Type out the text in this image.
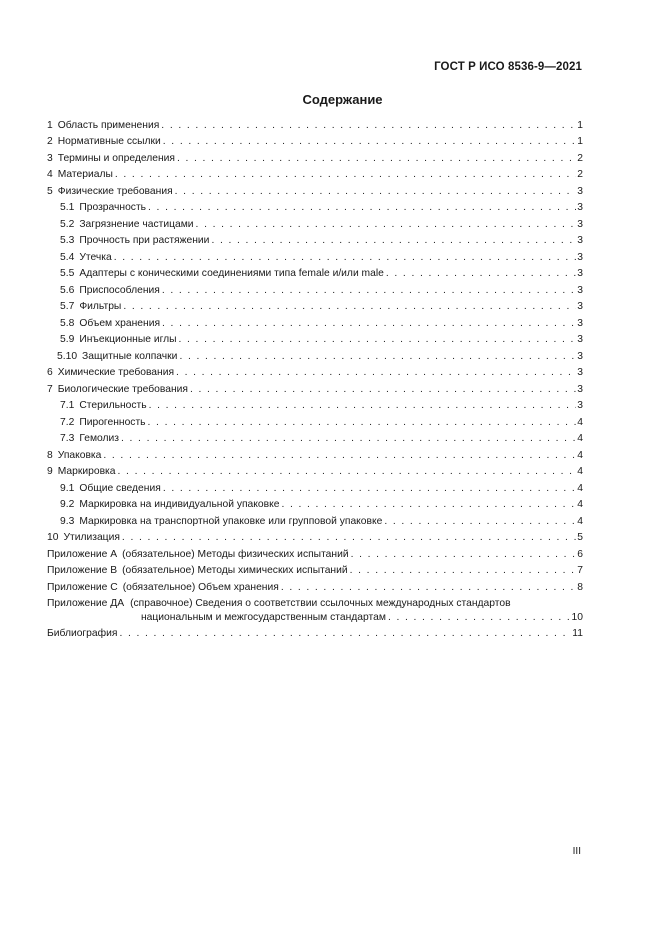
ГОСТ Р ИСО 8536-9—2021
Содержание
1 Область применения . . .	1
2 Нормативные ссылки . . .	1
3 Термины и определения . . .	2
4 Материалы . . .	2
5 Физические требования . . .	3
5.1 Прозрачность . . .	3
5.2 Загрязнение частицами . . .	3
5.3 Прочность при растяжении . . .	3
5.4 Утечка . . .	3
5.5 Адаптеры с коническими соединениями типа female и/или male . . .	3
5.6 Приспособления . . .	3
5.7 Фильтры . . .	3
5.8 Объем хранения . . .	3
5.9 Инъекционные иглы . . .	3
5.10 Защитные колпачки . . .	3
6 Химические требования . . .	3
7 Биологические требования . . .	3
7.1 Стерильность . . .	3
7.2 Пирогенность . . .	4
7.3 Гемолиз . . .	4
8 Упаковка . . .	4
9 Маркировка . . .	4
9.1 Общие сведения . . .	4
9.2 Маркировка на индивидуальной упаковке . . .	4
9.3 Маркировка на транспортной упаковке или групповой упаковке . . .	4
10 Утилизация . . .	5
Приложение А (обязательное) Методы физических испытаний . . .	6
Приложение В (обязательное) Методы химических испытаний . . .	7
Приложение С (обязательное) Объем хранения . . .	8
Приложение ДА (справочное) Сведения о соответствии ссылочных международных стандартов
национальным и межгосударственным стандартам . . .	10
Библиография . . .	11
III
